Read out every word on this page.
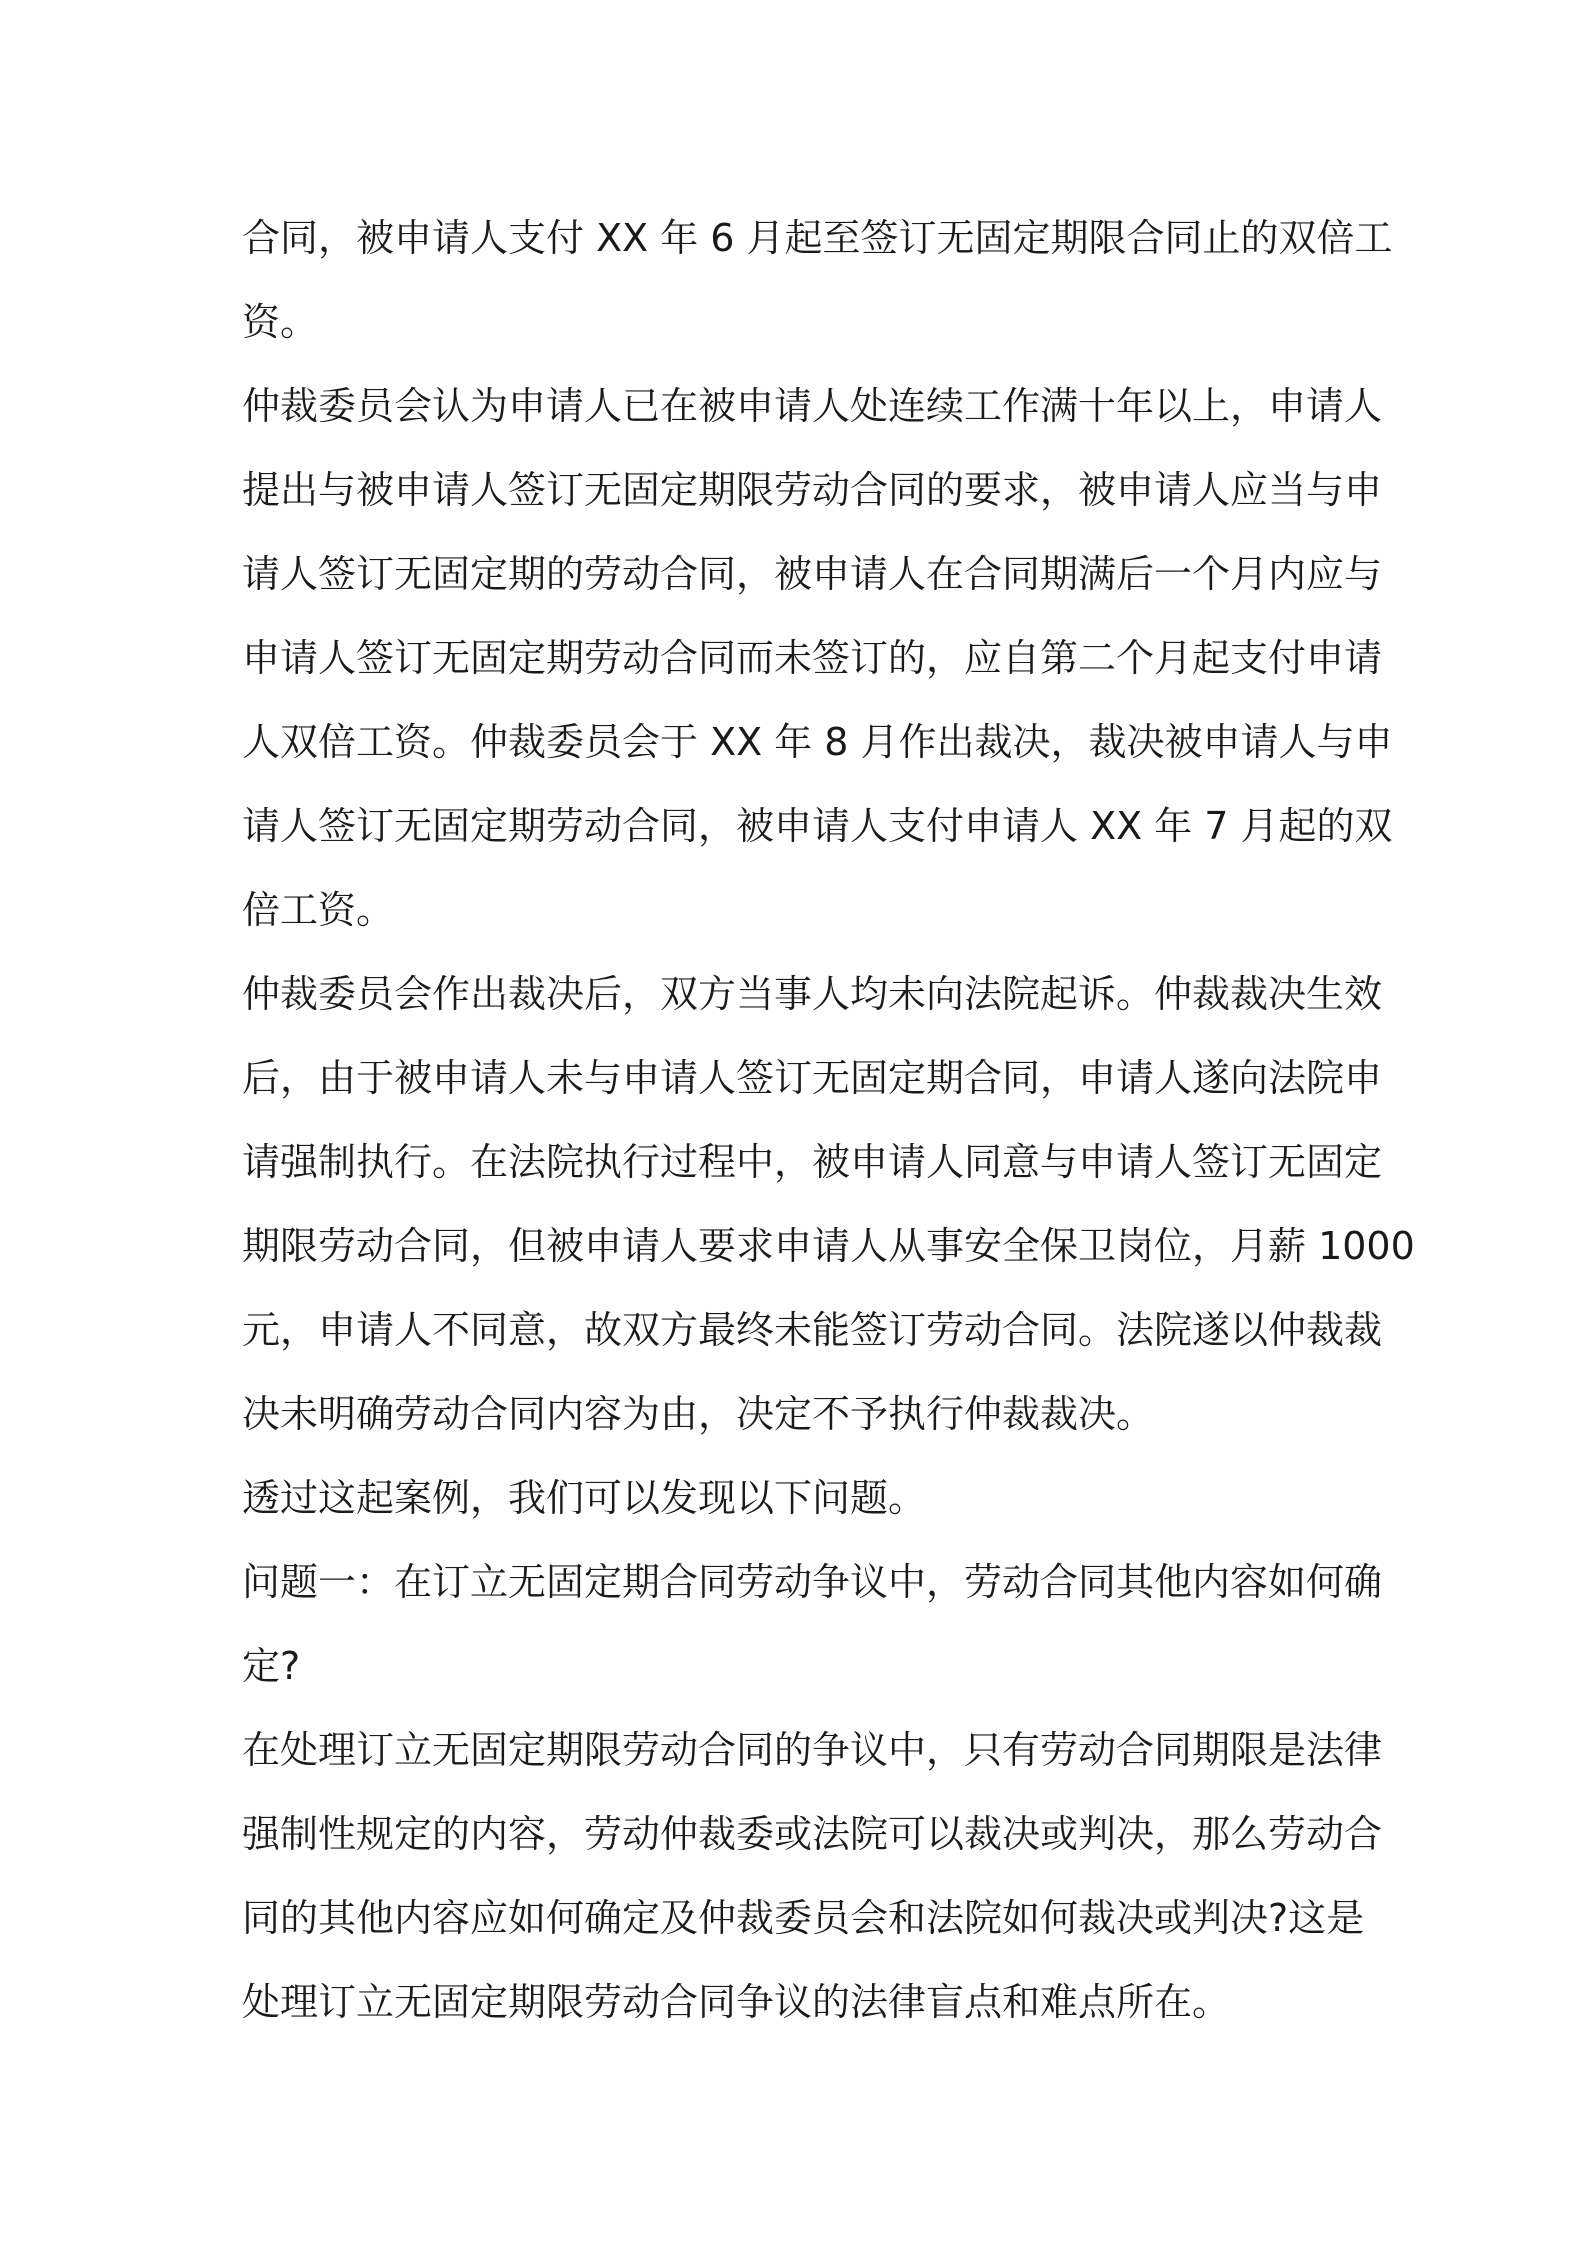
合同，被申请人支付 XX 年 6 月起至签订无固定期限合同止的双倍工
资。
仲裁委员会认为申请人已在被申请人处连续工作满十年以上，申请人
提出与被申请人签订无固定期限劳动合同的要求，被申请人应当与申
请人签订无固定期的劳动合同，被申请人在合同期满后一个月内应与
申请人签订无固定期劳动合同而未签订的，应自第二个月起支付申请
人双倍工资。仲裁委员会于 XX 年 8 月作出裁决，裁决被申请人与申
请人签订无固定期劳动合同，被申请人支付申请人 XX 年 7 月起的双
倍工资。
仲裁委员会作出裁决后，双方当事人均未向法院起诉。仲裁裁决生效
后，由于被申请人未与申请人签订无固定期合同，申请人遂向法院申
请强制执行。在法院执行过程中，被申请人同意与申请人签订无固定
期限劳动合同，但被申请人要求申请人从事安全保卫岗位，月薪 1000
元，申请人不同意，故双方最终未能签订劳动合同。法院遂以仲裁裁
决未明确劳动合同内容为由，决定不予执行仲裁裁决。
透过这起案例，我们可以发现以下问题。
问题一：在订立无固定期合同劳动争议中，劳动合同其他内容如何确
定?
在处理订立无固定期限劳动合同的争议中，只有劳动合同期限是法律
强制性规定的内容，劳动仲裁委或法院可以裁决或判决，那么劳动合
同的其他内容应如何确定及仲裁委员会和法院如何裁决或判决?这是
处理订立无固定期限劳动合同争议的法律盲点和难点所在。
